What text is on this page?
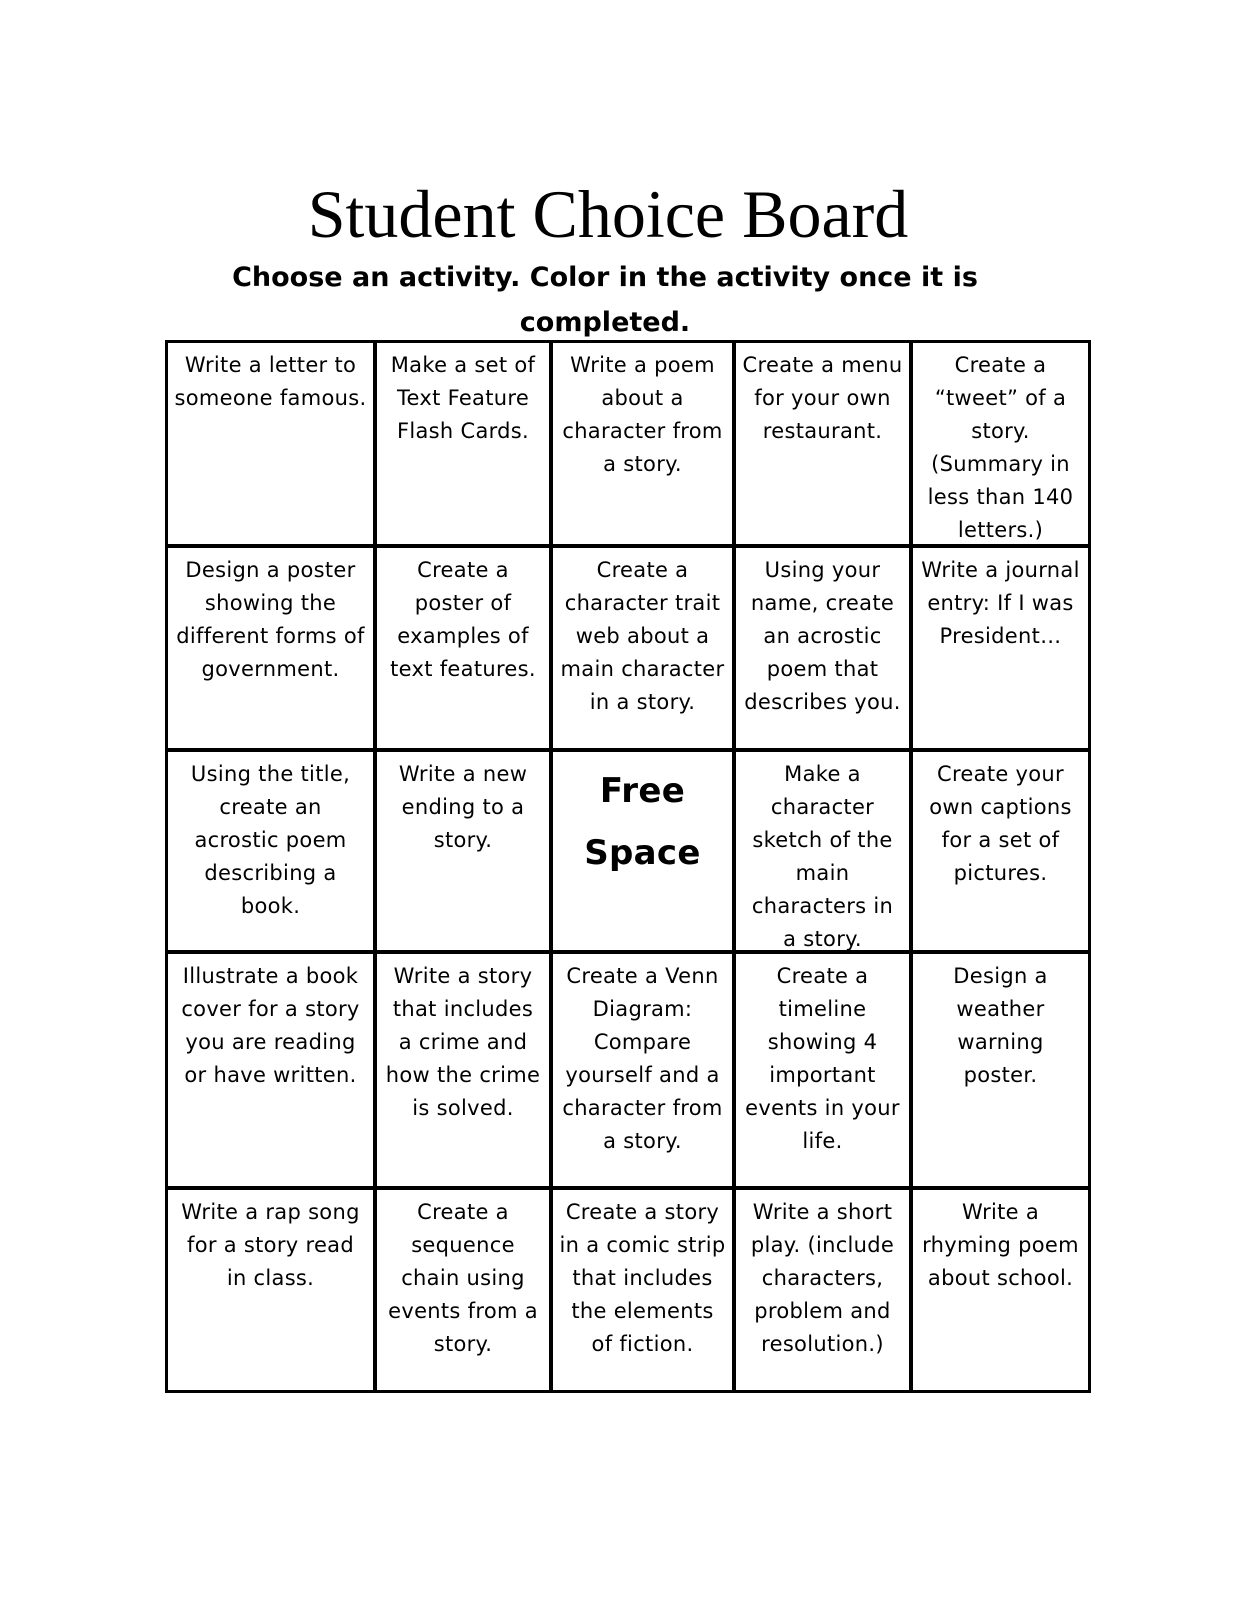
Student Choice Board

Choose an activity. Color in the activity once it is completed.

Write a letter to someone famous.
Make a set of Text Feature Flash Cards.
Write a poem about a character from a story.
Create a menu for your own restaurant.
Create a “tweet” of a story. (Summary in less than 140 letters.)
Design a poster showing the different forms of government.
Create a poster of examples of text features.
Create a character trait web about a main character in a story.
Using your name, create an acrostic poem that describes you.
Write a journal entry: If I was President…
Using the title, create an acrostic poem describing a book.
Write a new ending to a story.
Free Space
Make a character sketch of the main characters in a story.
Create your own captions for a set of pictures.
Illustrate a book cover for a story you are reading or have written.
Write a story that includes a crime and how the crime is solved.
Create a Venn Diagram: Compare yourself and a character from a story.
Create a timeline showing 4 important events in your life.
Design a weather warning poster.
Write a rap song for a story read in class.
Create a sequence chain using events from a story.
Create a story in a comic strip that includes the elements of fiction.
Write a short play. (include characters, problem and resolution.)
Write a rhyming poem about school.
